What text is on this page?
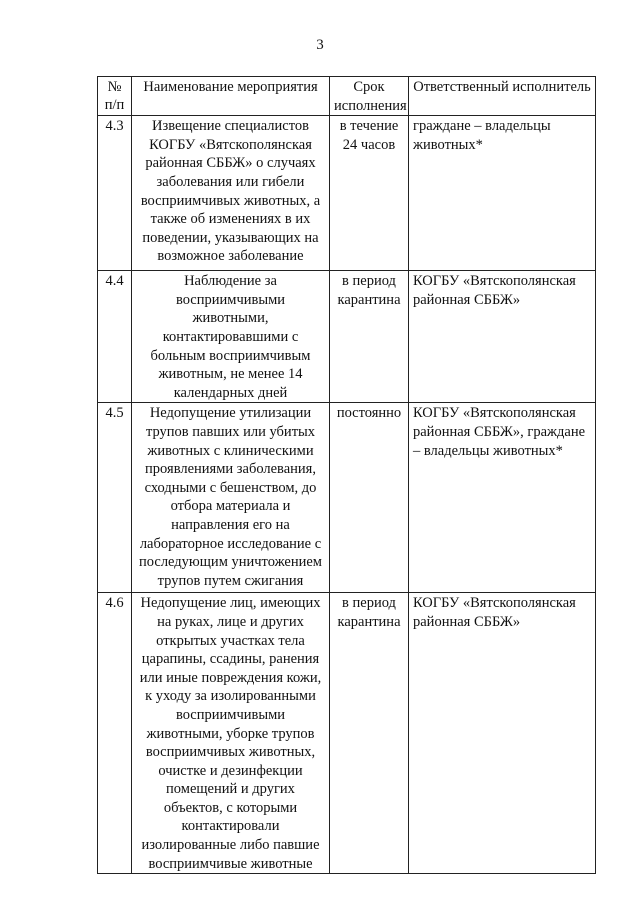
3
№ п/п	Наименование мероприятия	Срок исполнения	Ответственный исполнитель
4.3	Извещение специалистов КОГБУ «Вятскополянская районная СББЖ» о случаях заболевания или гибели восприимчивых животных, а также об изменениях в их поведении, указывающих на возможное заболевание	в течение 24 часов	граждане – владельцы животных*
4.4	Наблюдение за восприимчивыми животными, контактировавшими с больным восприимчивым животным, не менее 14 календарных дней	в период карантина	КОГБУ «Вятскополянская районная СББЖ»
4.5	Недопущение утилизации трупов павших или убитых животных с клиническими проявлениями заболевания, сходными с бешенством, до отбора материала и направления его на лабораторное исследование с последующим уничтожением трупов путем сжигания	постоянно	КОГБУ «Вятскополянская районная СББЖ», граждане – владельцы животных*
4.6	Недопущение лиц, имеющих на руках, лице и других открытых участках тела царапины, ссадины, ранения или иные повреждения кожи, к уходу за изолированными восприимчивыми животными, уборке трупов восприимчивых животных, очистке и дезинфекции помещений и других объектов, с которыми контактировали изолированные либо павшие восприимчивые животные	в период карантина	КОГБУ «Вятскополянская районная СББЖ»
